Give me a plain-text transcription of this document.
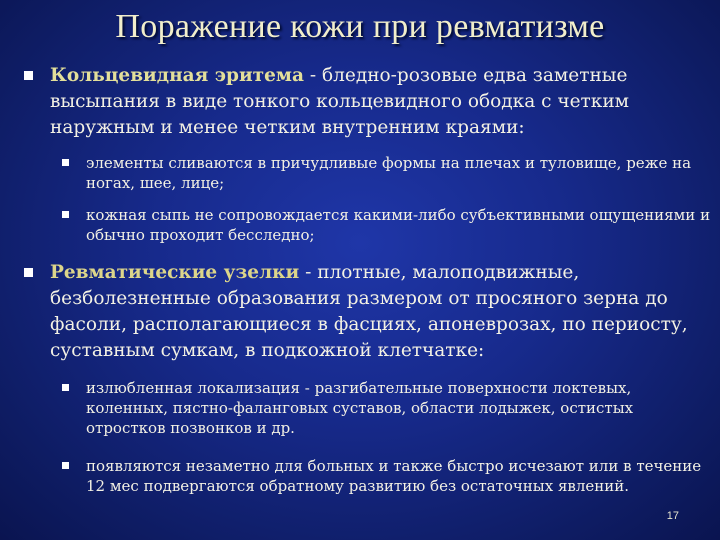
Поражение кожи при ревматизме
Кольцевидная эритема - бледно-розовые едва заметные высыпания в виде тонкого кольцевидного ободка с четким наружным и менее четким внутренним краями:
элементы сливаются в причудливые формы на плечах и туловище, реже на ногах, шее, лице;
кожная сыпь не сопровождается какими-либо субъективными ощущениями и обычно проходит бесследно;
Ревматические узелки - плотные, малоподвижные, безболезненные образования размером от просяного зерна до фасоли, располагающиеся в фасциях, апоневрозах, по периосту, суставным сумкам, в подкожной клетчатке:
излюбленная локализация - разгибательные поверхности локтевых, коленных, пястно-фаланговых суставов, области лодыжек, остистых отростков позвонков и др.
появляются незаметно для больных и также быстро исчезают или в течение 12 мес подвергаются обратному развитию без остаточных явлений.
17
